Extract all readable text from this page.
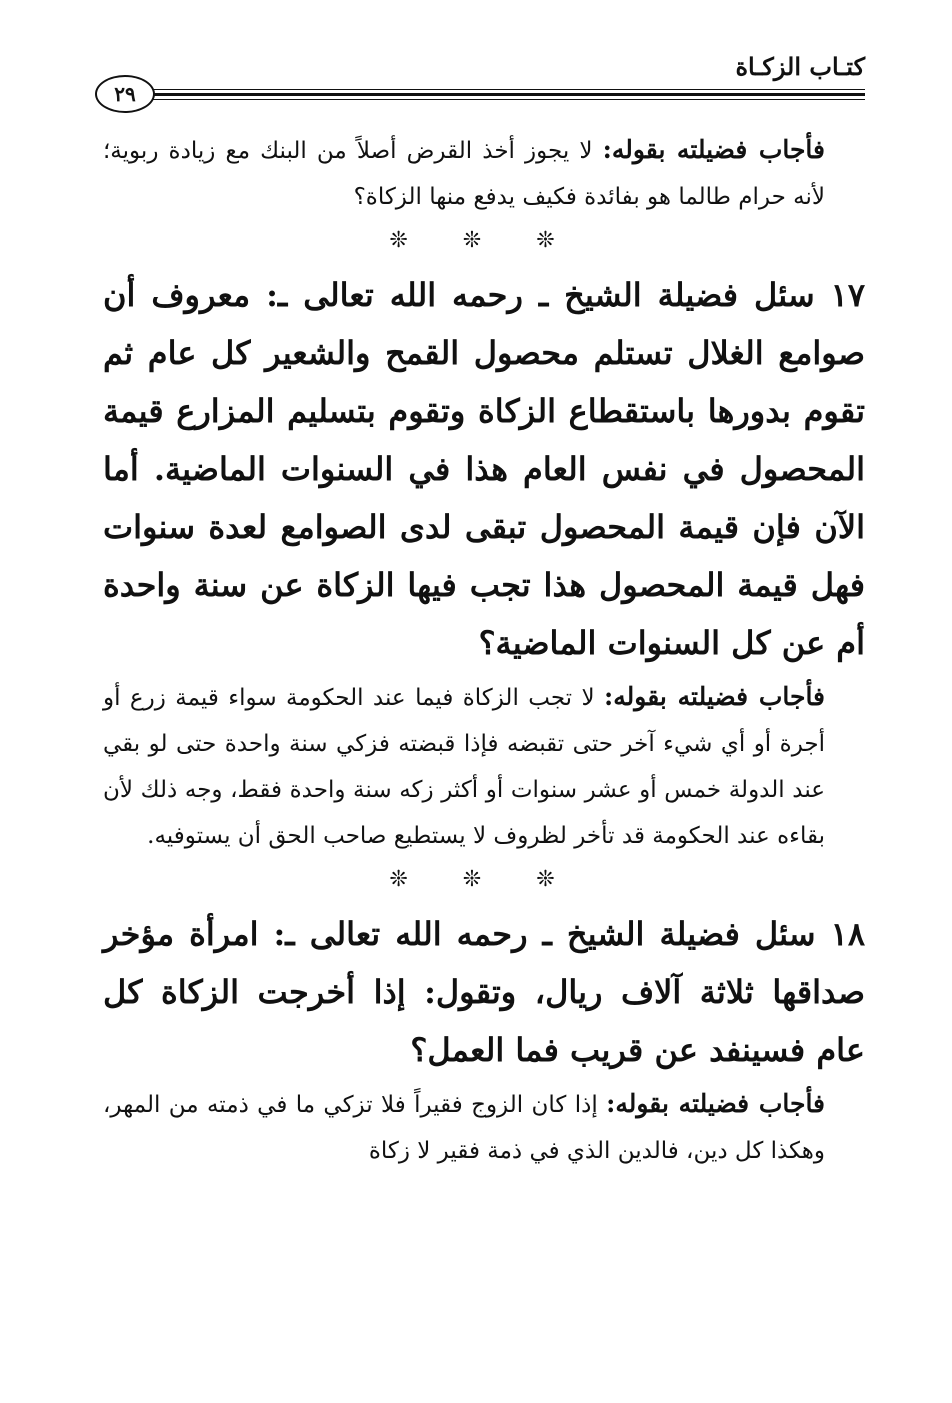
كتـاب الزكـاة
٢٩

فأجاب فضيلته بقوله: لا يجوز أخذ القرض أصلاً من البنك مع زيادة ربوية؛ لأنه حرام طالما هو بفائدة فكيف يدفع منها الزكاة؟

❊ ❊ ❊

١٧ سئل فضيلة الشيخ ـ رحمه الله تعالى ـ: معروف أن صوامع الغلال تستلم محصول القمح والشعير كل عام ثم تقوم بدورها باستقطاع الزكاة وتقوم بتسليم المزارع قيمة المحصول في نفس العام هذا في السنوات الماضية. أما الآن فإن قيمة المحصول تبقى لدى الصوامع لعدة سنوات فهل قيمة المحصول هذا تجب فيها الزكاة عن سنة واحدة أم عن كل السنوات الماضية؟

فأجاب فضيلته بقوله: لا تجب الزكاة فيما عند الحكومة سواء قيمة زرع أو أجرة أو أي شيء آخر حتى تقبضه فإذا قبضته فزكي سنة واحدة حتى لو بقي عند الدولة خمس أو عشر سنوات أو أكثر زكه سنة واحدة فقط، وجه ذلك لأن بقاءه عند الحكومة قد تأخر لظروف لا يستطيع صاحب الحق أن يستوفيه.

❊ ❊ ❊

١٨ سئل فضيلة الشيخ ـ رحمه الله تعالى ـ: امرأة مؤخر صداقها ثلاثة آلاف ريال، وتقول: إذا أخرجت الزكاة كل عام فسينفد عن قريب فما العمل؟

فأجاب فضيلته بقوله: إذا كان الزوج فقيراً فلا تزكي ما في ذمته من المهر، وهكذا كل دين، فالدين الذي في ذمة فقير لا زكاة
